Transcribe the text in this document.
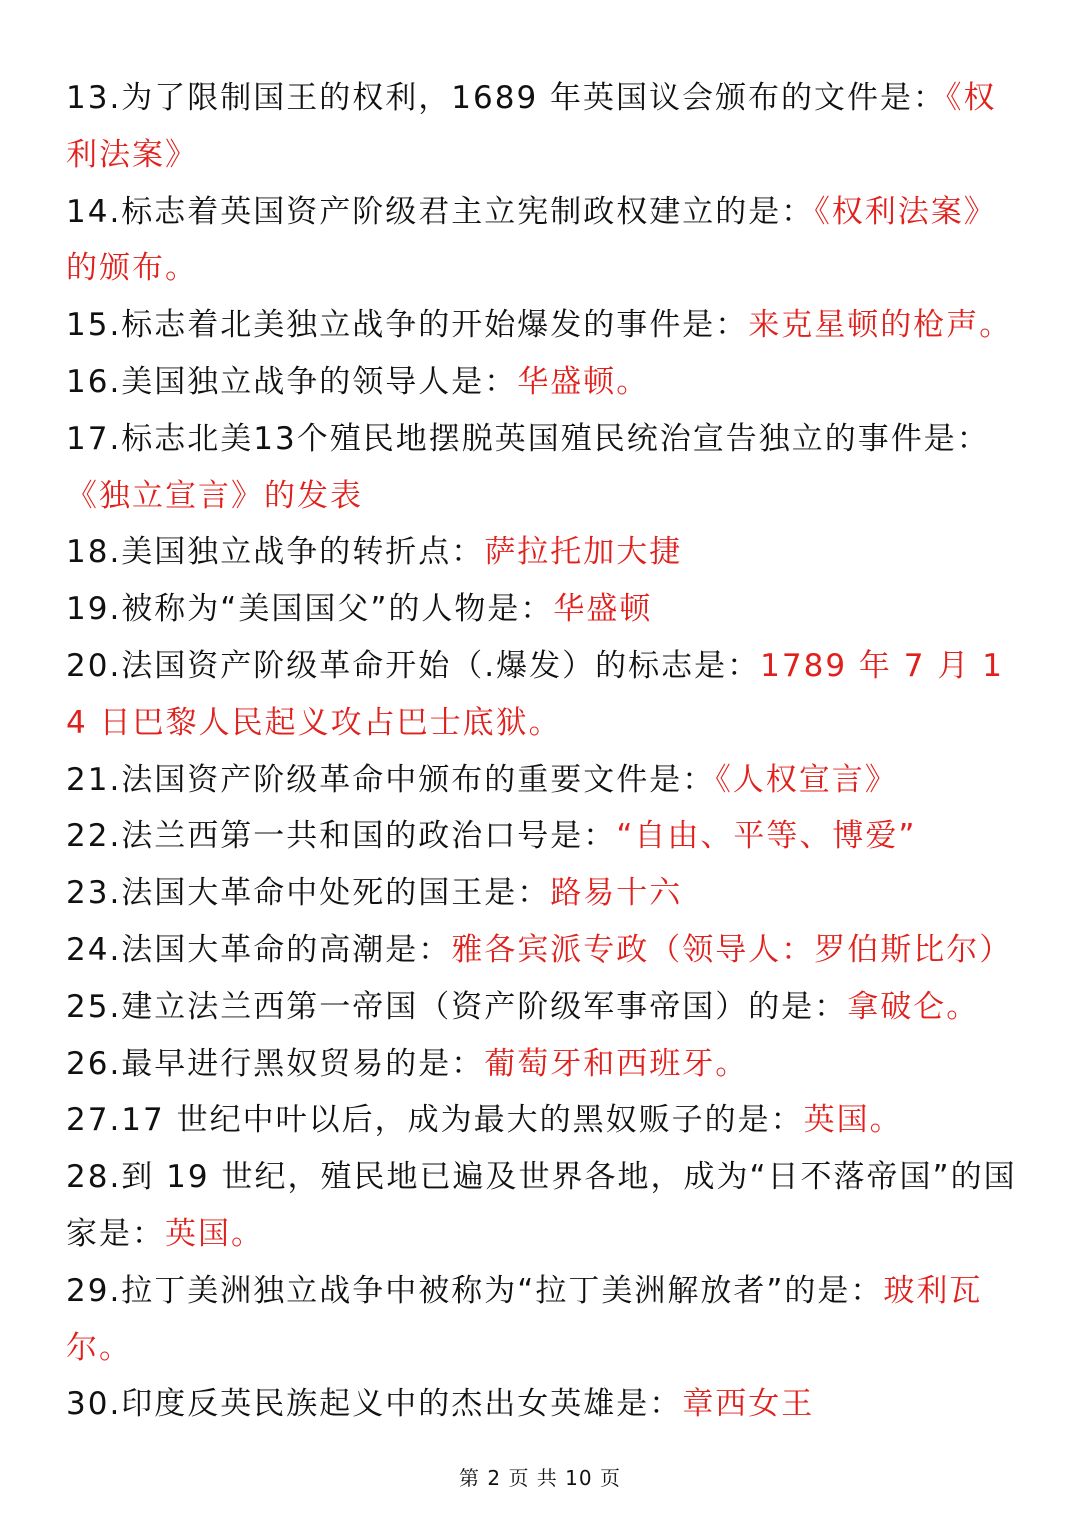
13.为了限制国王的权利，1689 年英国议会颁布的文件是：《权利法案》

14.标志着英国资产阶级君主立宪制政权建立的是：《权利法案》的颁布。

15.标志着北美独立战争的开始爆发的事件是：来克星顿的枪声。

16.美国独立战争的领导人是：华盛顿。

17.标志北美13个殖民地摆脱英国殖民统治宣告独立的事件是：《独立宣言》的发表

18.美国独立战争的转折点：萨拉托加大捷

19.被称为“美国国父”的人物是：华盛顿

20.法国资产阶级革命开始（.爆发）的标志是：1789 年 7 月 14 日巴黎人民起义攻占巴士底狱。

21.法国资产阶级革命中颁布的重要文件是：《人权宣言》

22.法兰西第一共和国的政治口号是：“自由、平等、博爱”

23.法国大革命中处死的国王是：路易十六

24.法国大革命的高潮是：雅各宾派专政（领导人：罗伯斯比尔）

25.建立法兰西第一帝国（资产阶级军事帝国）的是：拿破仑。

26.最早进行黑奴贸易的是：葡萄牙和西班牙。

27.17 世纪中叶以后，成为最大的黑奴贩子的是：英国。

28.到 19 世纪，殖民地已遍及世界各地，成为“日不落帝国”的国家是：英国。

29.拉丁美洲独立战争中被称为“拉丁美洲解放者”的是：玻利瓦尔。

30.印度反英民族起义中的杰出女英雄是：章西女王

第 2 页 共 10 页
